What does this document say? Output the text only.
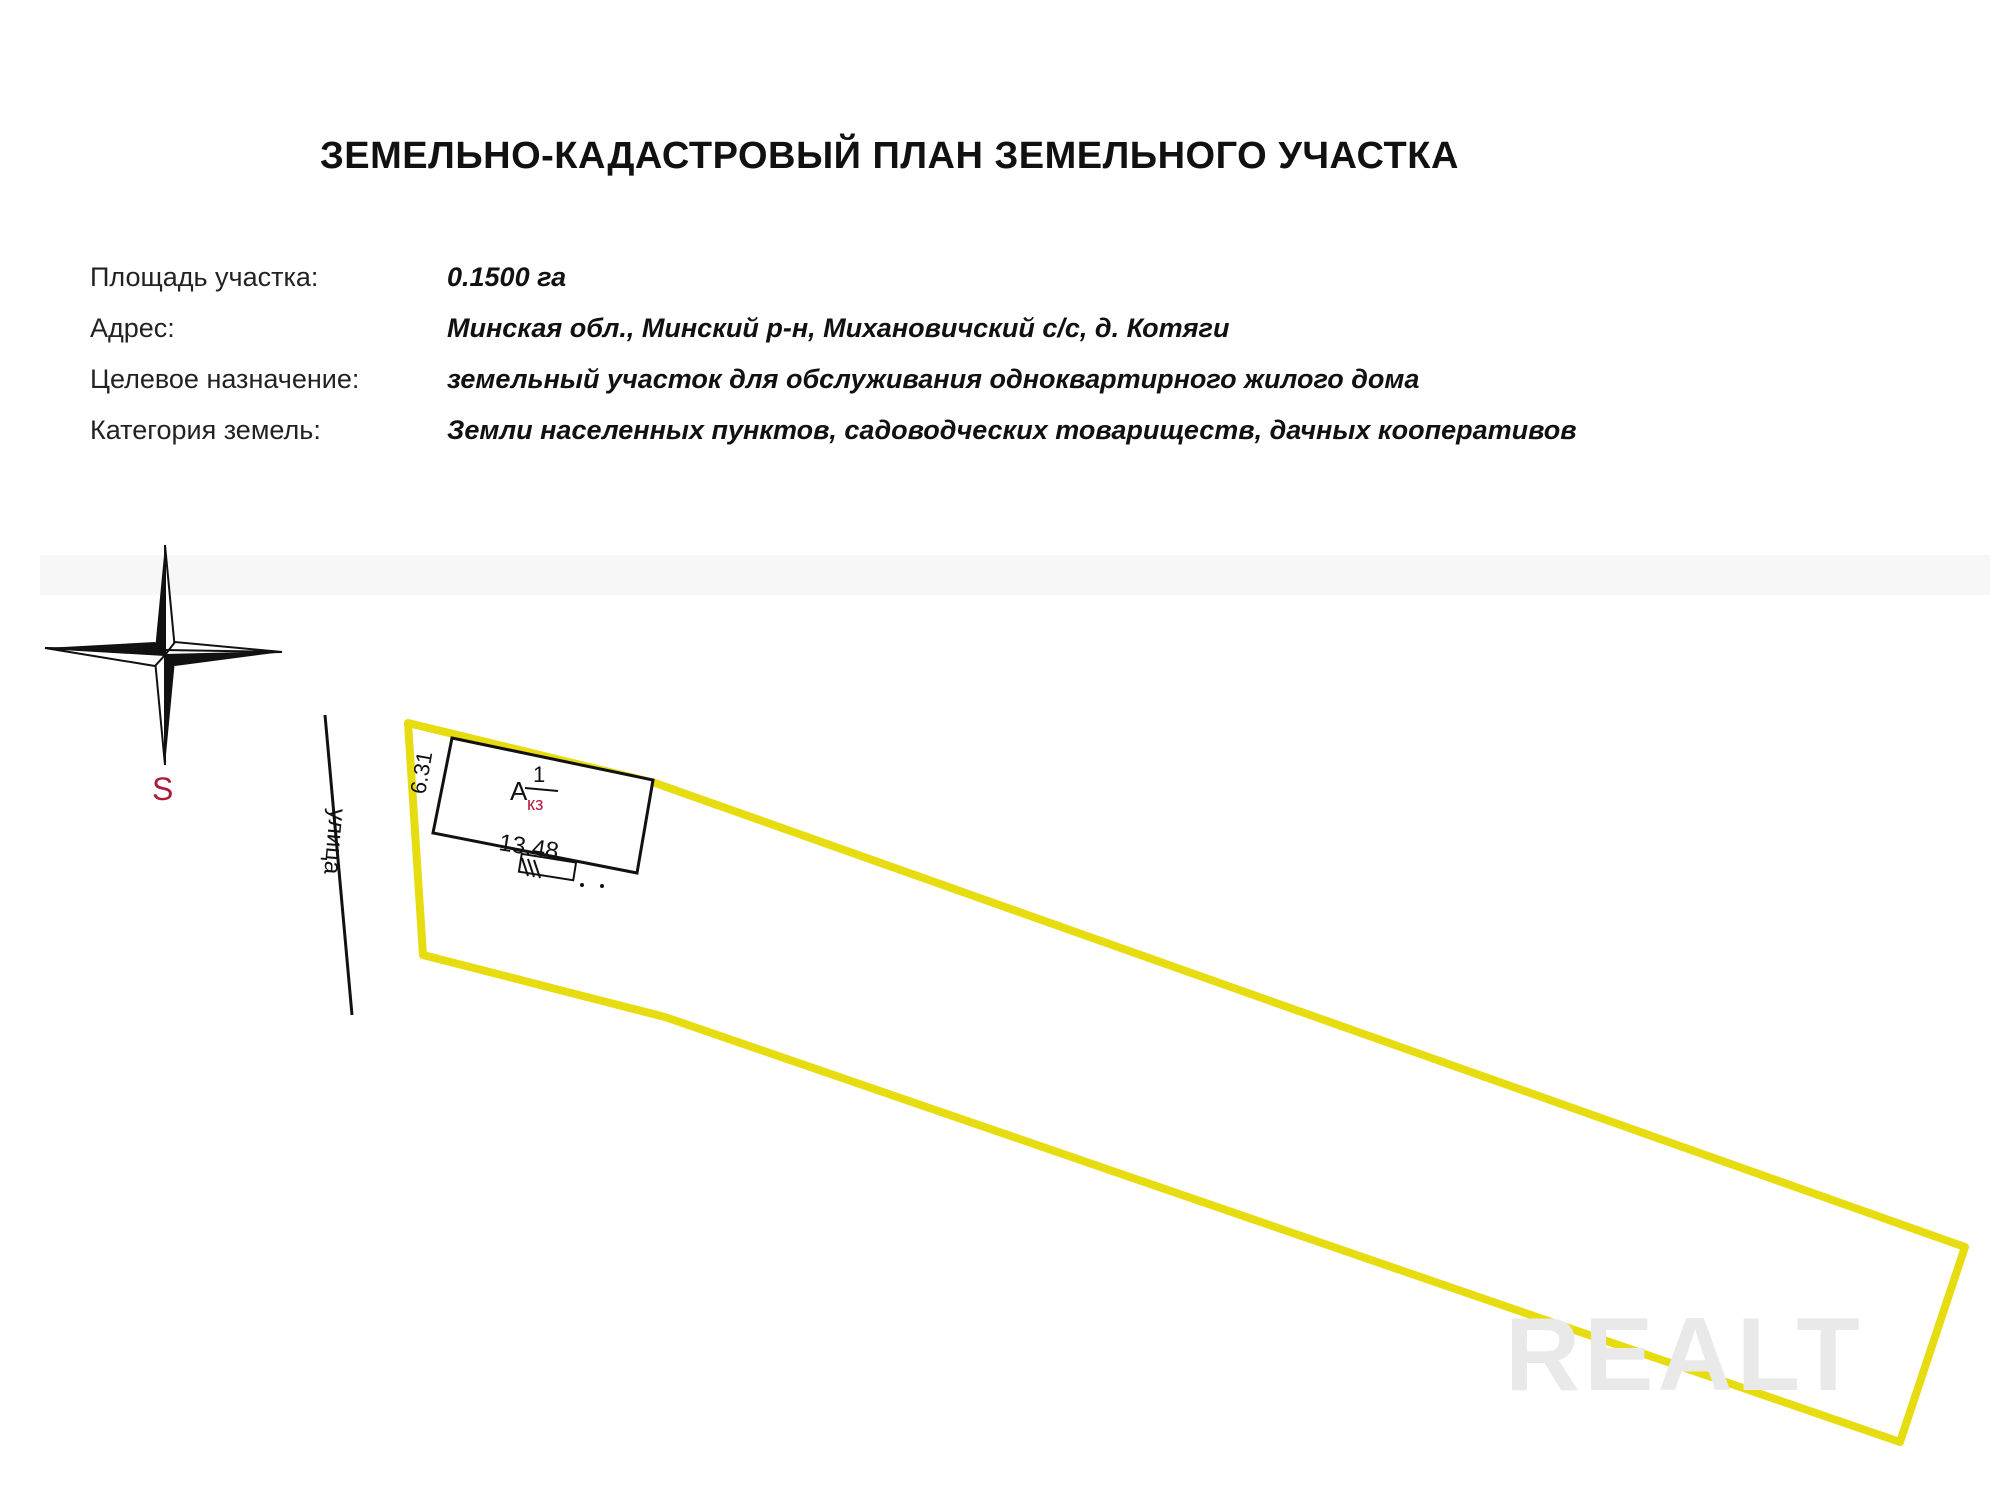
ЗЕМЕЛЬНО-КАДАСТРОВЫЙ ПЛАН ЗЕМЕЛЬНОГО УЧАСТКА
Площадь участка:	0.1500 га
Адрес:	Минская обл., Минский р-н, Михановичский с/с, д. Котяги
Целевое назначение:	земельный участок для обслуживания одноквартирного жилого дома
Категория земель:	Земли населенных пунктов, садоводческих товариществ, дачных кооперативов
S
улица
6.31
13.48
А
1
кз
REALT
